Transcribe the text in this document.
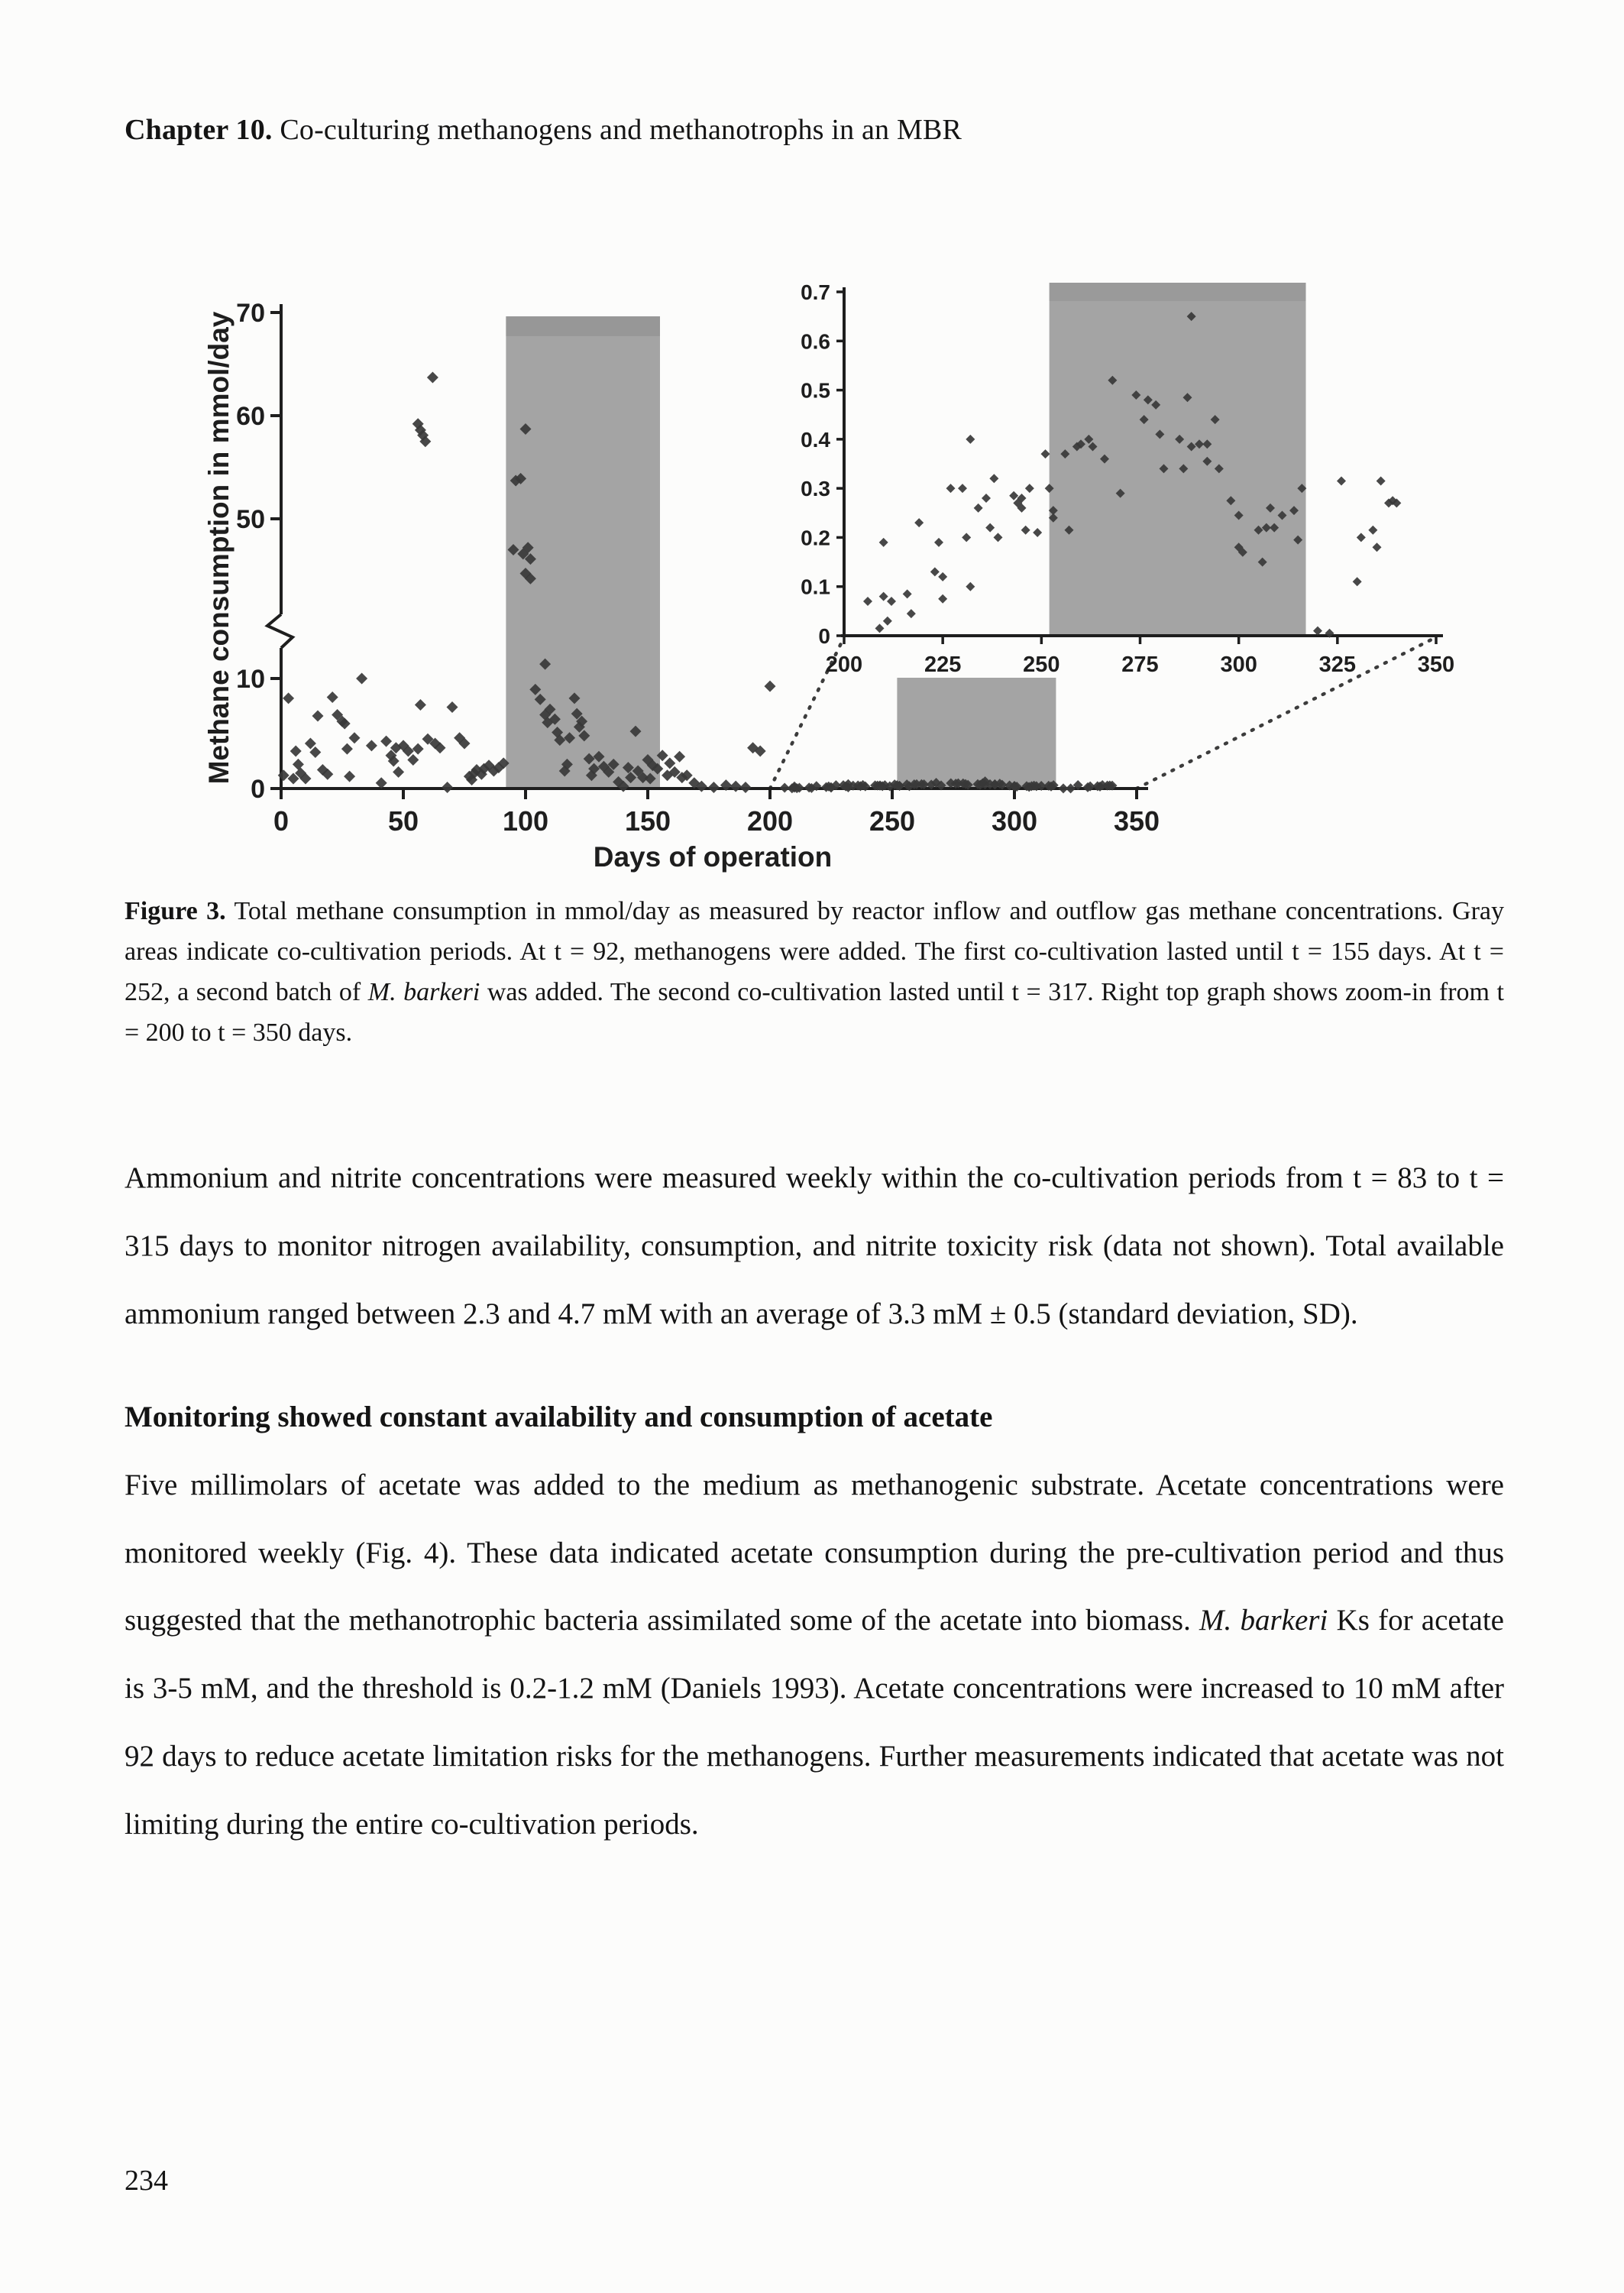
Chapter 10. Co-culturing methanogens and methanotrophs in an MBR
50
60
70
0
10
0	50	100	150	200	250	300	350
Days of operation
Methane consumption in mmol/day	0
0.1
0.2
0.3
0.4
0.5
0.6
0.7
200	225	250	275	300	325	350

Figure 3. Total methane consumption in mmol/day as measured by reactor inflow and outflow gas methane concentrations. Gray areas indicate co-cultivation periods. At t = 92, methanogens were added. The first co-cultivation lasted until t = 155 days. At t = 252, a second batch of M. barkeri was added. The second co-cultivation lasted until t = 317. Right top graph shows zoom-in from t = 200 to t = 350 days.

Ammonium and nitrite concentrations were measured weekly within the co-cultivation periods from t = 83 to t = 315 days to monitor nitrogen availability, consumption, and nitrite toxicity risk (data not shown). Total available ammonium ranged between 2.3 and 4.7 mM with an average of 3.3 mM ± 0.5 (standard deviation, SD).

Monitoring showed constant availability and consumption of acetate

Five millimolars of acetate was added to the medium as methanogenic substrate. Acetate concentrations were monitored weekly (Fig. 4). These data indicated acetate consumption during the pre-cultivation period and thus suggested that the methanotrophic bacteria assimilated some of the acetate into biomass. M. barkeri Ks for acetate is 3-5 mM, and the threshold is 0.2-1.2 mM (Daniels 1993). Acetate concentrations were increased to 10 mM after 92 days to reduce acetate limitation risks for the methanogens. Further measurements indicated that acetate was not limiting during the entire co-cultivation periods.

234
